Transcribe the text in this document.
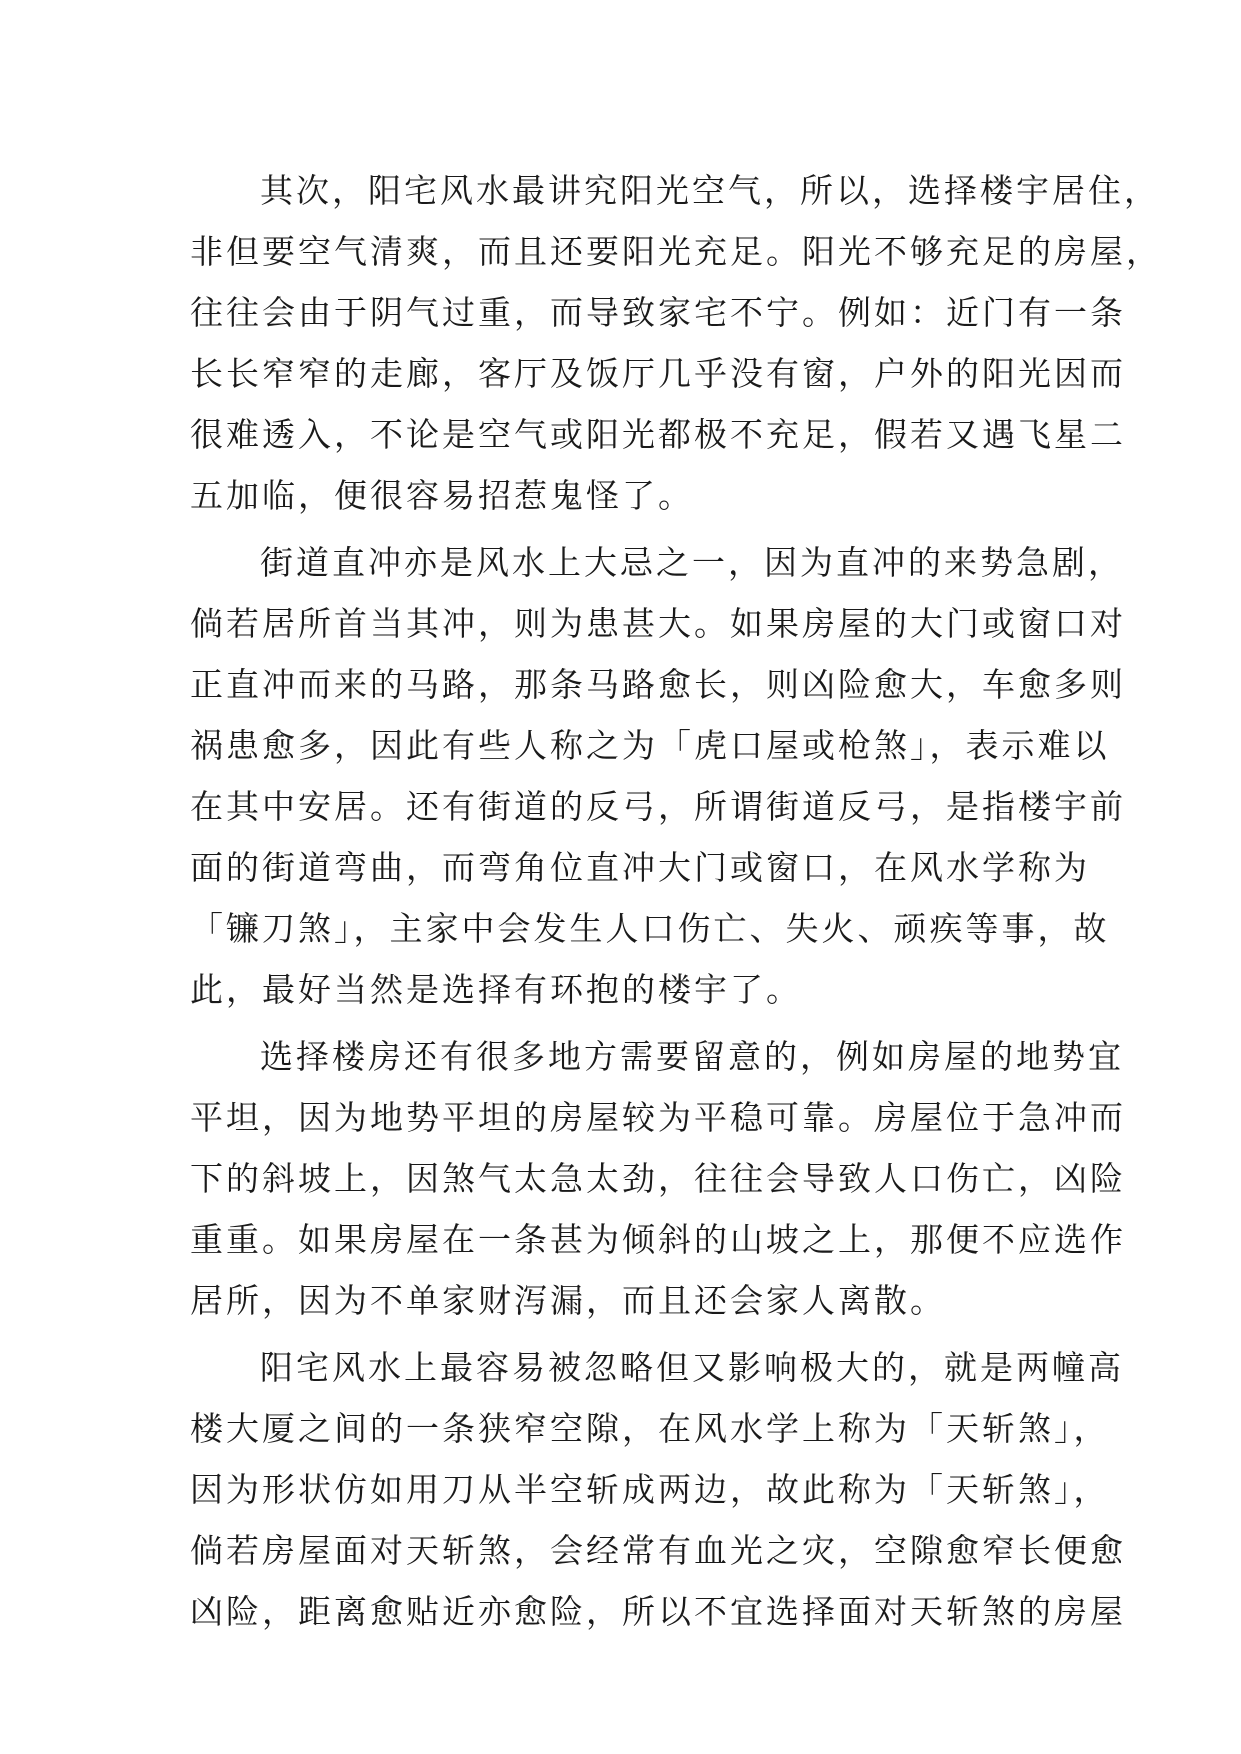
其次，阳宅风水最讲究阳光空气，所以，选择楼宇居住，
非但要空气清爽，而且还要阳光充足。阳光不够充足的房屋，
往往会由于阴气过重，而导致家宅不宁。例如：近门有一条
长长窄窄的走廊，客厅及饭厅几乎没有窗，户外的阳光因而
很难透入，不论是空气或阳光都极不充足，假若又遇飞星二
五加临，便很容易招惹鬼怪了。
街道直冲亦是风水上大忌之一，因为直冲的来势急剧，
倘若居所首当其冲，则为患甚大。如果房屋的大门或窗口对
正直冲而来的马路，那条马路愈长，则凶险愈大，车愈多则
祸患愈多，因此有些人称之为「虎口屋或枪煞」，表示难以
在其中安居。还有街道的反弓，所谓街道反弓，是指楼宇前
面的街道弯曲，而弯角位直冲大门或窗口，在风水学称为
「镰刀煞」，主家中会发生人口伤亡、失火、顽疾等事，故
此，最好当然是选择有环抱的楼宇了。
选择楼房还有很多地方需要留意的，例如房屋的地势宜
平坦，因为地势平坦的房屋较为平稳可靠。房屋位于急冲而
下的斜坡上，因煞气太急太劲，往往会导致人口伤亡，凶险
重重。如果房屋在一条甚为倾斜的山坡之上，那便不应选作
居所，因为不单家财泻漏，而且还会家人离散。
阳宅风水上最容易被忽略但又影响极大的，就是两幢高
楼大厦之间的一条狭窄空隙，在风水学上称为「天斩煞」，
因为形状仿如用刀从半空斩成两边，故此称为「天斩煞」，
倘若房屋面对天斩煞，会经常有血光之灾，空隙愈窄长便愈
凶险，距离愈贴近亦愈险，所以不宜选择面对天斩煞的房屋
